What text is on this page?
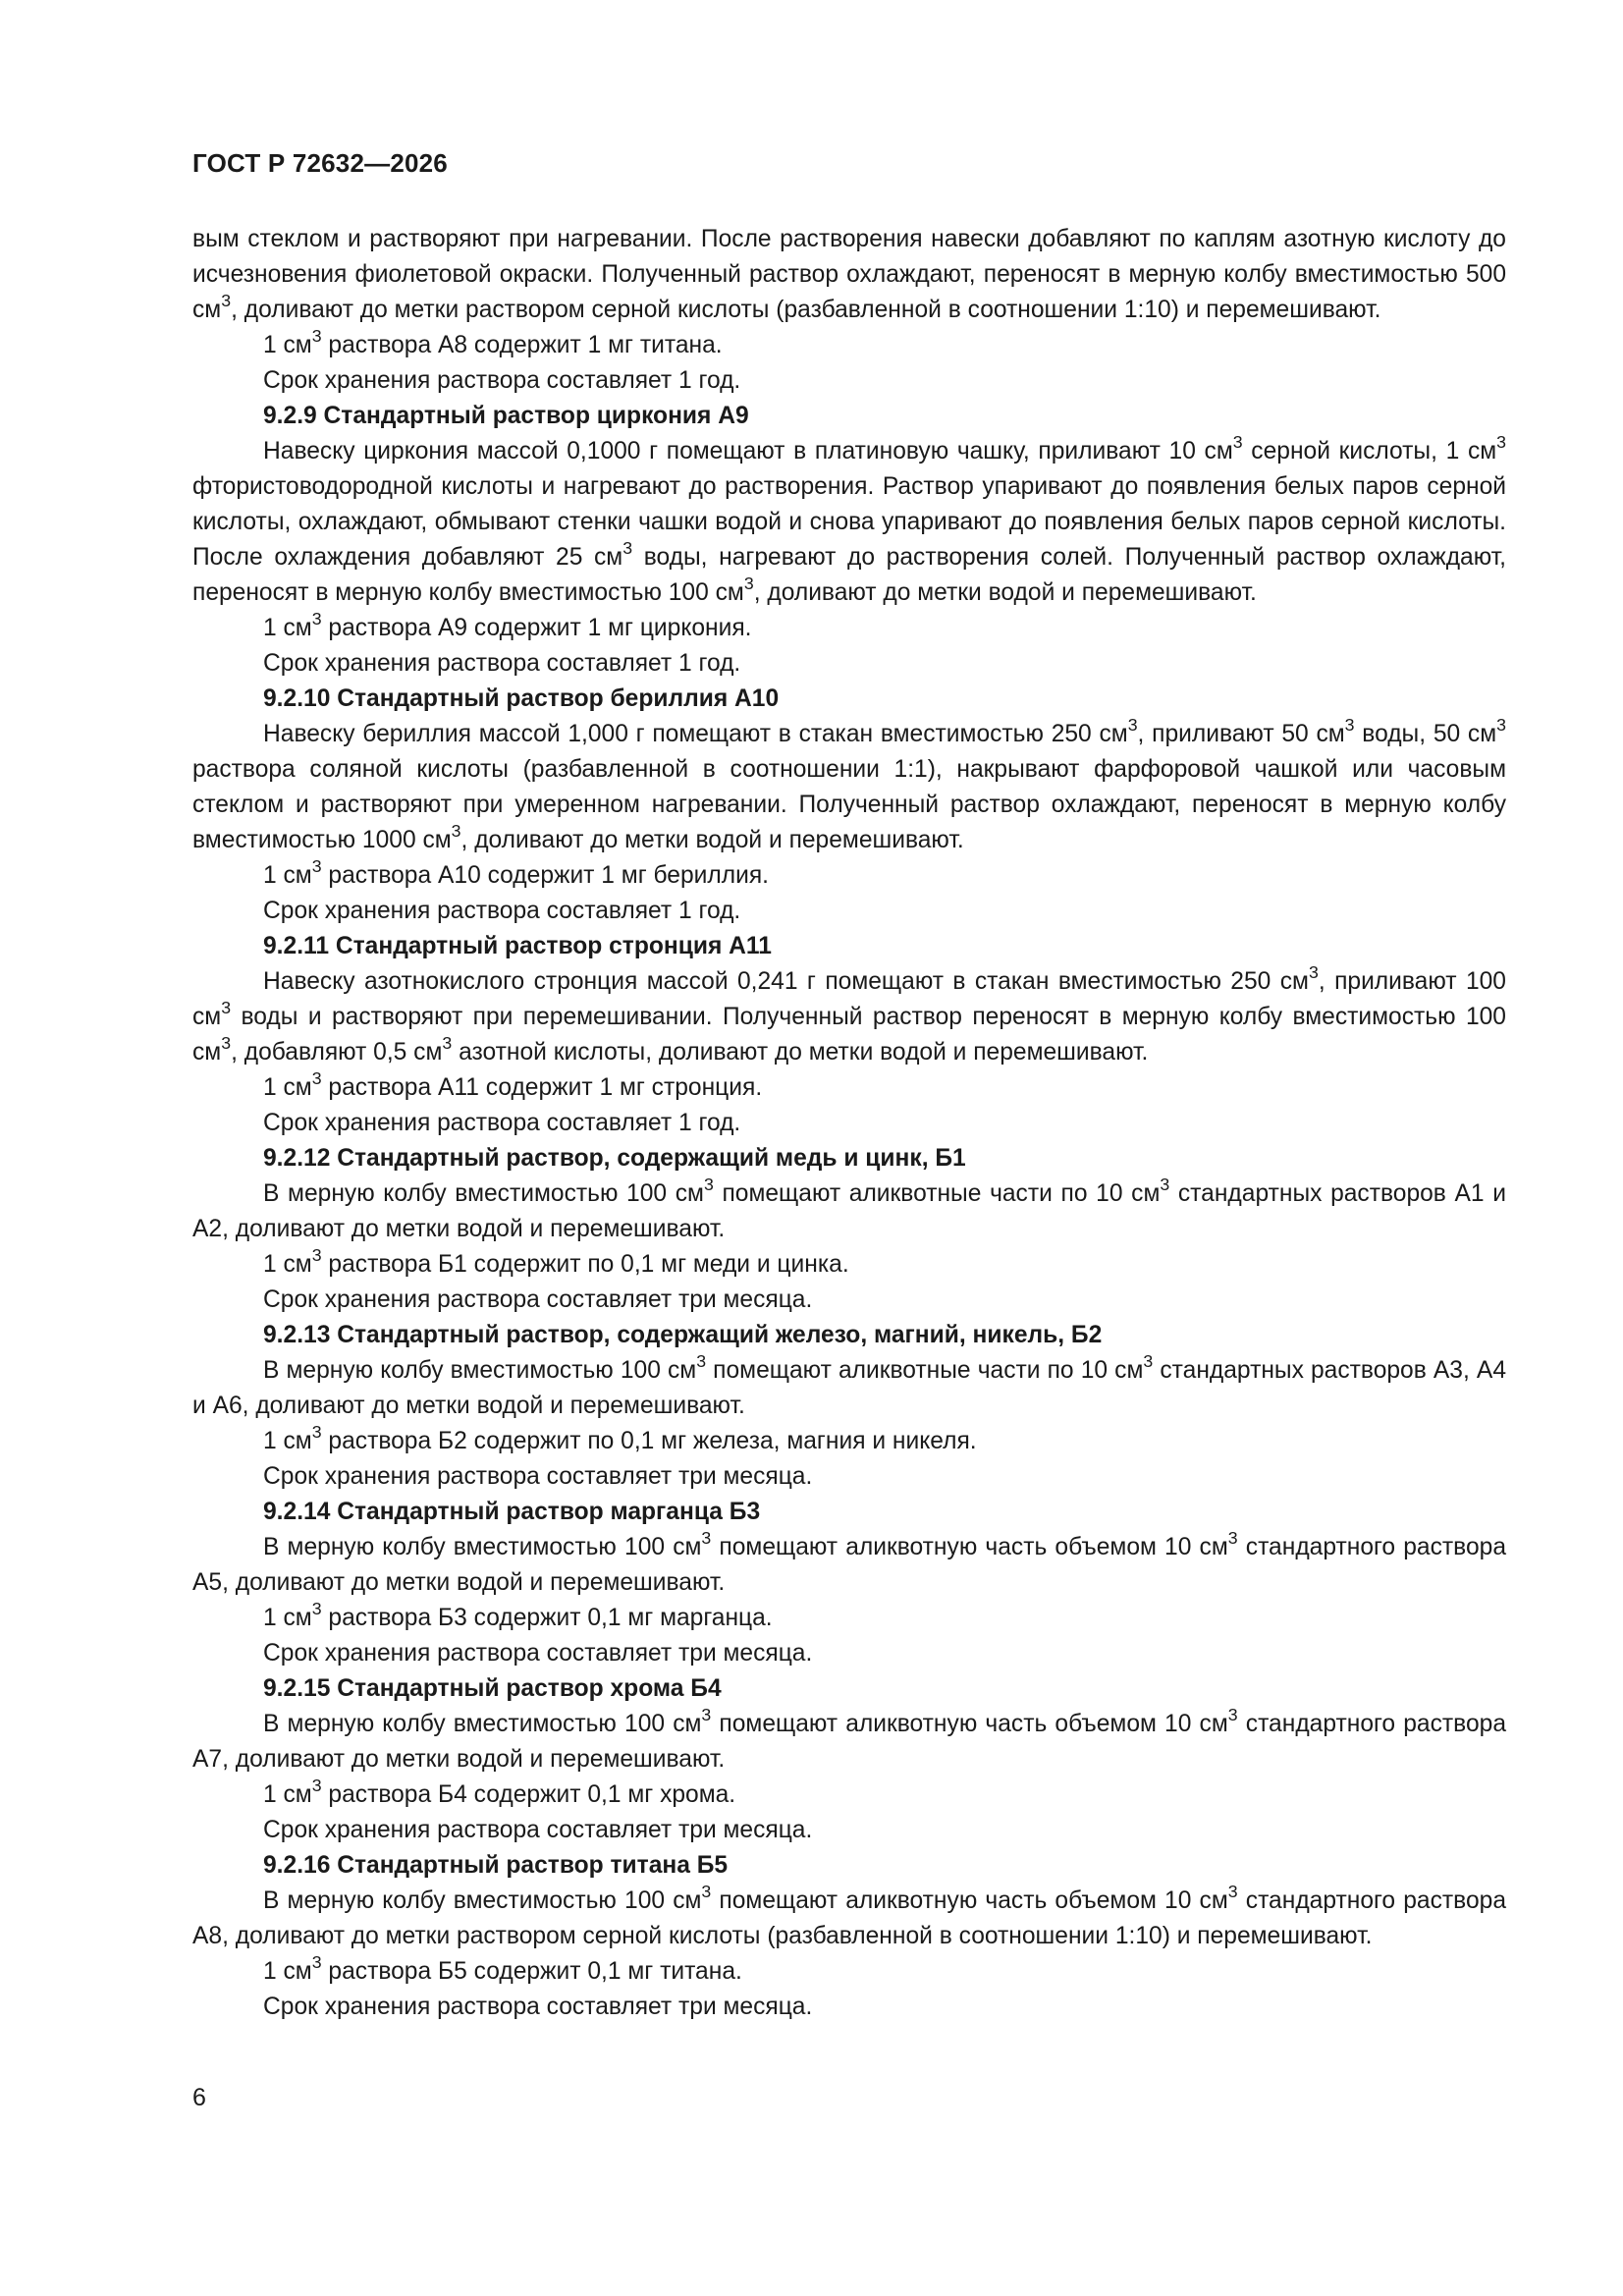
ГОСТ Р 72632—2026

вым стеклом и растворяют при нагревании. После растворения навески добавляют по каплям азотную кислоту до исчезновения фиолетовой окраски. Полученный раствор охлаждают, переносят в мерную колбу вместимостью 500 $см^3$, доливают до метки раствором серной кислоты (разбавленной в соотношении 1:10) и перемешивают.

1 $см^3$ раствора А8 содержит 1 мг титана.

Срок хранения раствора составляет 1 год.

9.2.9 Стандартный раствор циркония А9

Навеску циркония массой 0,1000 г помещают в платиновую чашку, приливают 10 $см^3$ серной кислоты, 1 $см^3$ фтористоводородной кислоты и нагревают до растворения. Раствор упаривают до появления белых паров серной кислоты, охлаждают, обмывают стенки чашки водой и снова упаривают до появления белых паров серной кислоты. После охлаждения добавляют 25 $см^3$ воды, нагревают до растворения солей. Полученный раствор охлаждают, переносят в мерную колбу вместимостью 100 $см^3$, доливают до метки водой и перемешивают.

1 $см^3$ раствора А9 содержит 1 мг циркония.

Срок хранения раствора составляет 1 год.

9.2.10 Стандартный раствор бериллия А10

Навеску бериллия массой 1,000 г помещают в стакан вместимостью 250 $см^3$, приливают 50 $см^3$ воды, 50 $см^3$ раствора соляной кислоты (разбавленной в соотношении 1:1), накрывают фарфоровой чашкой или часовым стеклом и растворяют при умеренном нагревании. Полученный раствор охлаждают, переносят в мерную колбу вместимостью 1000 $см^3$, доливают до метки водой и перемешивают.

1 $см^3$ раствора А10 содержит 1 мг бериллия.

Срок хранения раствора составляет 1 год.

9.2.11 Стандартный раствор стронция А11

Навеску азотнокислого стронция массой 0,241 г помещают в стакан вместимостью 250 $см^3$, приливают 100 $см^3$ воды и растворяют при перемешивании. Полученный раствор переносят в мерную колбу вместимостью 100 $см^3$, добавляют 0,5 $см^3$ азотной кислоты, доливают до метки водой и перемешивают.

1 $см^3$ раствора А11 содержит 1 мг стронция.

Срок хранения раствора составляет 1 год.

9.2.12 Стандартный раствор, содержащий медь и цинк, Б1

В мерную колбу вместимостью 100 $см^3$ помещают аликвотные части по 10 $см^3$ стандартных растворов А1 и А2, доливают до метки водой и перемешивают.

1 $см^3$ раствора Б1 содержит по 0,1 мг меди и цинка.

Срок хранения раствора составляет три месяца.

9.2.13 Стандартный раствор, содержащий железо, магний, никель, Б2

В мерную колбу вместимостью 100 $см^3$ помещают аликвотные части по 10 $см^3$ стандартных растворов А3, А4 и А6, доливают до метки водой и перемешивают.

1 $см^3$ раствора Б2 содержит по 0,1 мг железа, магния и никеля.

Срок хранения раствора составляет три месяца.

9.2.14 Стандартный раствор марганца Б3

В мерную колбу вместимостью 100 $см^3$ помещают аликвотную часть объемом 10 $см^3$ стандартного раствора А5, доливают до метки водой и перемешивают.

1 $см^3$ раствора Б3 содержит 0,1 мг марганца.

Срок хранения раствора составляет три месяца.

9.2.15 Стандартный раствор хрома Б4

В мерную колбу вместимостью 100 $см^3$ помещают аликвотную часть объемом 10 $см^3$ стандартного раствора А7, доливают до метки водой и перемешивают.

1 $см^3$ раствора Б4 содержит 0,1 мг хрома.

Срок хранения раствора составляет три месяца.

9.2.16 Стандартный раствор титана Б5

В мерную колбу вместимостью 100 $см^3$ помещают аликвотную часть объемом 10 $см^3$ стандартного раствора А8, доливают до метки раствором серной кислоты (разбавленной в соотношении 1:10) и перемешивают.

1 $см^3$ раствора Б5 содержит 0,1 мг титана.

Срок хранения раствора составляет три месяца.

6
